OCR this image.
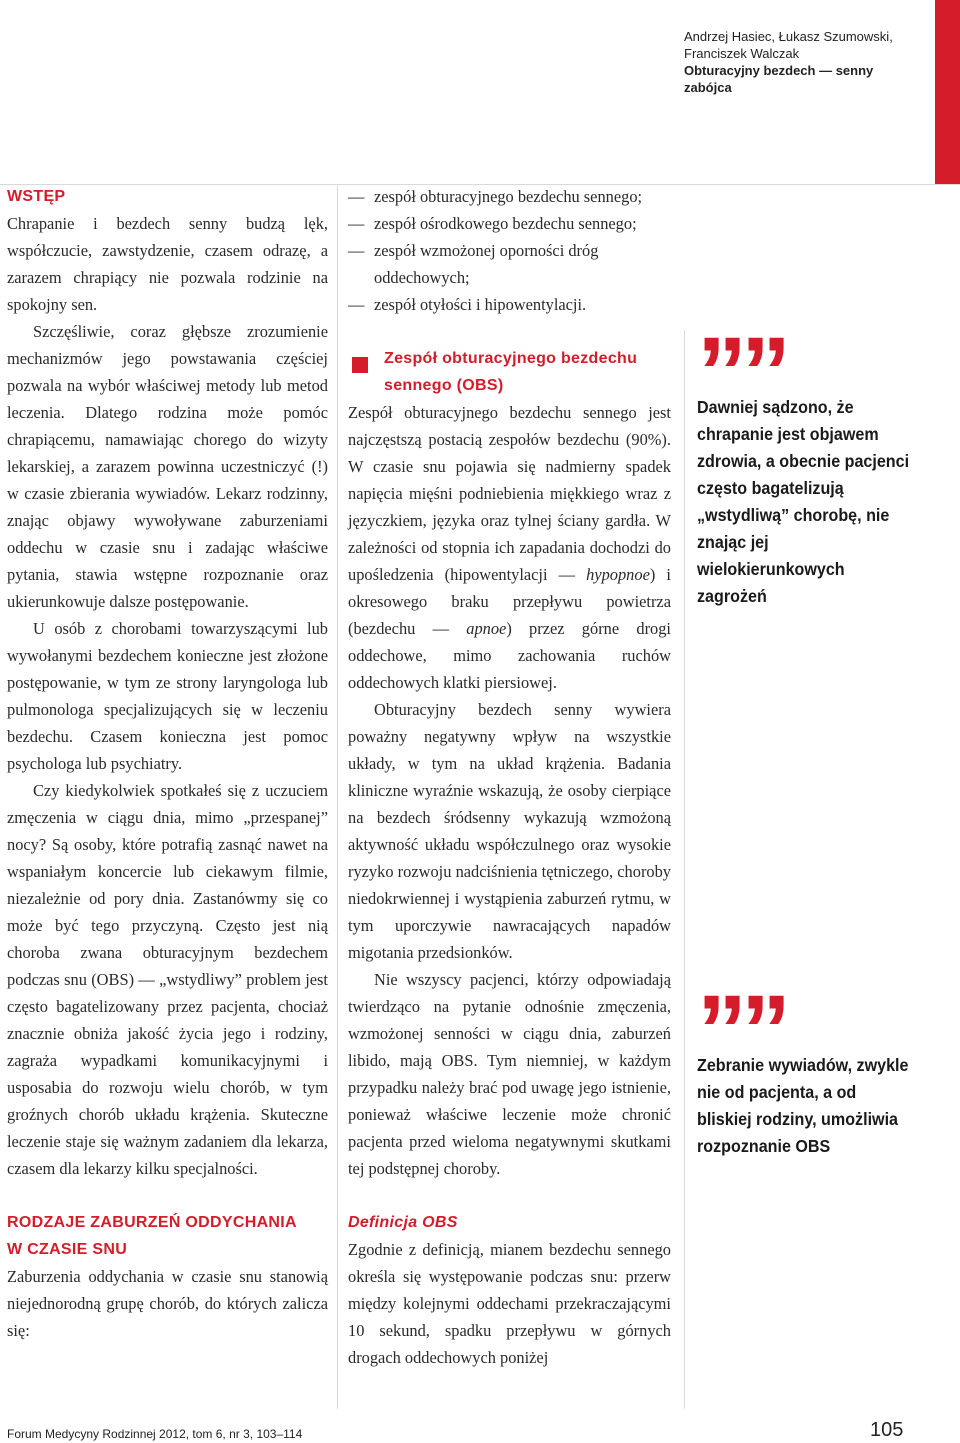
Andrzej Hasiec, Łukasz Szumowski,
Franciszek Walczak
Obturacyjny bezdech — senny zabójca
WSTĘP

Chrapanie i bezdech senny budzą lęk, współczucie, zawstydzenie, czasem odrazę, a zarazem chrapiący nie pozwala rodzinie na spokojny sen.

Szczęśliwie, coraz głębsze zrozumienie mechanizmów jego powstawania częściej pozwala na wybór właściwej metody lub metod leczenia. Dlatego rodzina może pomóc chrapiącemu, namawiając chorego do wizyty lekarskiej, a zarazem powinna uczestniczyć (!) w czasie zbierania wywiadów. Lekarz rodzinny, znając objawy wywoływane zaburzeniami oddechu w czasie snu i zadając właściwe pytania, stawia wstępne rozpoznanie oraz ukierunkowuje dalsze postępowanie.

U osób z chorobami towarzyszącymi lub wywołanymi bezdechem konieczne jest złożone postępowanie, w tym ze strony laryngologa lub pulmonologa specjalizujących się w leczeniu bezdechu. Czasem konieczna jest pomoc psychologa lub psychiatry.

Czy kiedykolwiek spotkałeś się z uczuciem zmęczenia w ciągu dnia, mimo „przespanej” nocy? Są osoby, które potrafią zasnąć nawet na wspaniałym koncercie lub ciekawym filmie, niezależnie od pory dnia. Zastanówmy się co może być tego przyczyną. Często jest nią choroba zwana obturacyjnym bezdechem podczas snu (OBS) — „wstydliwy” problem jest często bagatelizowany przez pacjenta, chociaż znacznie obniża jakość życia jego i rodziny, zagraża wypadkami komunikacyjnymi i usposabia do rozwoju wielu chorób, w tym groźnych chorób układu krążenia. Skuteczne leczenie staje się ważnym zadaniem dla lekarza, czasem dla lekarzy kilku specjalności.

RODZAJE ZABURZEŃ ODDYCHANIA
W CZASIE SNU

Zaburzenia oddychania w czasie snu stanowią niejednorodną grupę chorób, do których zalicza się:

— zespół obturacyjnego bezdechu sennego;
— zespół ośrodkowego bezdechu sennego;
— zespół wzmożonej oporności dróg oddechowych;
— zespół otyłości i hipowentylacji.
Zespół obturacyjnego bezdechu
sennego (OBS)

Zespół obturacyjnego bezdechu sennego jest najczęstszą postacią zespołów bezdechu (90%). W czasie snu pojawia się nadmierny spadek napięcia mięśni podniebienia miękkiego wraz z języczkiem, języka oraz tylnej ściany gardła. W zależności od stopnia ich zapadania dochodzi do upośledzenia (hipowentylacji — hypopnoe) i okresowego braku przepływu powietrza (bezdechu — apnoe) przez górne drogi oddechowe, mimo zachowania ruchów oddechowych klatki piersiowej.

Obturacyjny bezdech senny wywiera poważny negatywny wpływ na wszystkie układy, w tym na układ krążenia. Badania kliniczne wyraźnie wskazują, że osoby cierpiące na bezdech śródsenny wykazują wzmożoną aktywność układu współczulnego oraz wysokie ryzyko rozwoju nadciśnienia tętniczego, choroby niedokrwiennej i wystąpienia zaburzeń rytmu, w tym uporczywie nawracających napadów migotania przedsionków.

Nie wszyscy pacjenci, którzy odpowiadają twierdząco na pytanie odnośnie zmęczenia, wzmożonej senności w ciągu dnia, zaburzeń libido, mają OBS. Tym niemniej, w każdym przypadku należy brać pod uwagę jego istnienie, ponieważ właściwe leczenie może chronić pacjenta przed wieloma negatywnymi skutkami tej podstępnej choroby.

Definicja OBS

Zgodnie z definicją, mianem bezdechu sennego określa się występowanie podczas snu: przerw między kolejnymi oddechami przekraczającymi 10 sekund, spadku przepływu w górnych drogach oddechowych poniżej

””
Dawniej sądzono, że chrapanie jest objawem zdrowia, a obecnie pacjenci często bagatelizują „wstydliwą” chorobę, nie znając jej wielokierunkowych zagrożeń
””
Zebranie wywiadów, zwykle nie od pacjenta, a od bliskiej rodziny, umożliwia rozpoznanie OBS
Forum Medycyny Rodzinnej 2012, tom 6, nr 3, 103–114	105
